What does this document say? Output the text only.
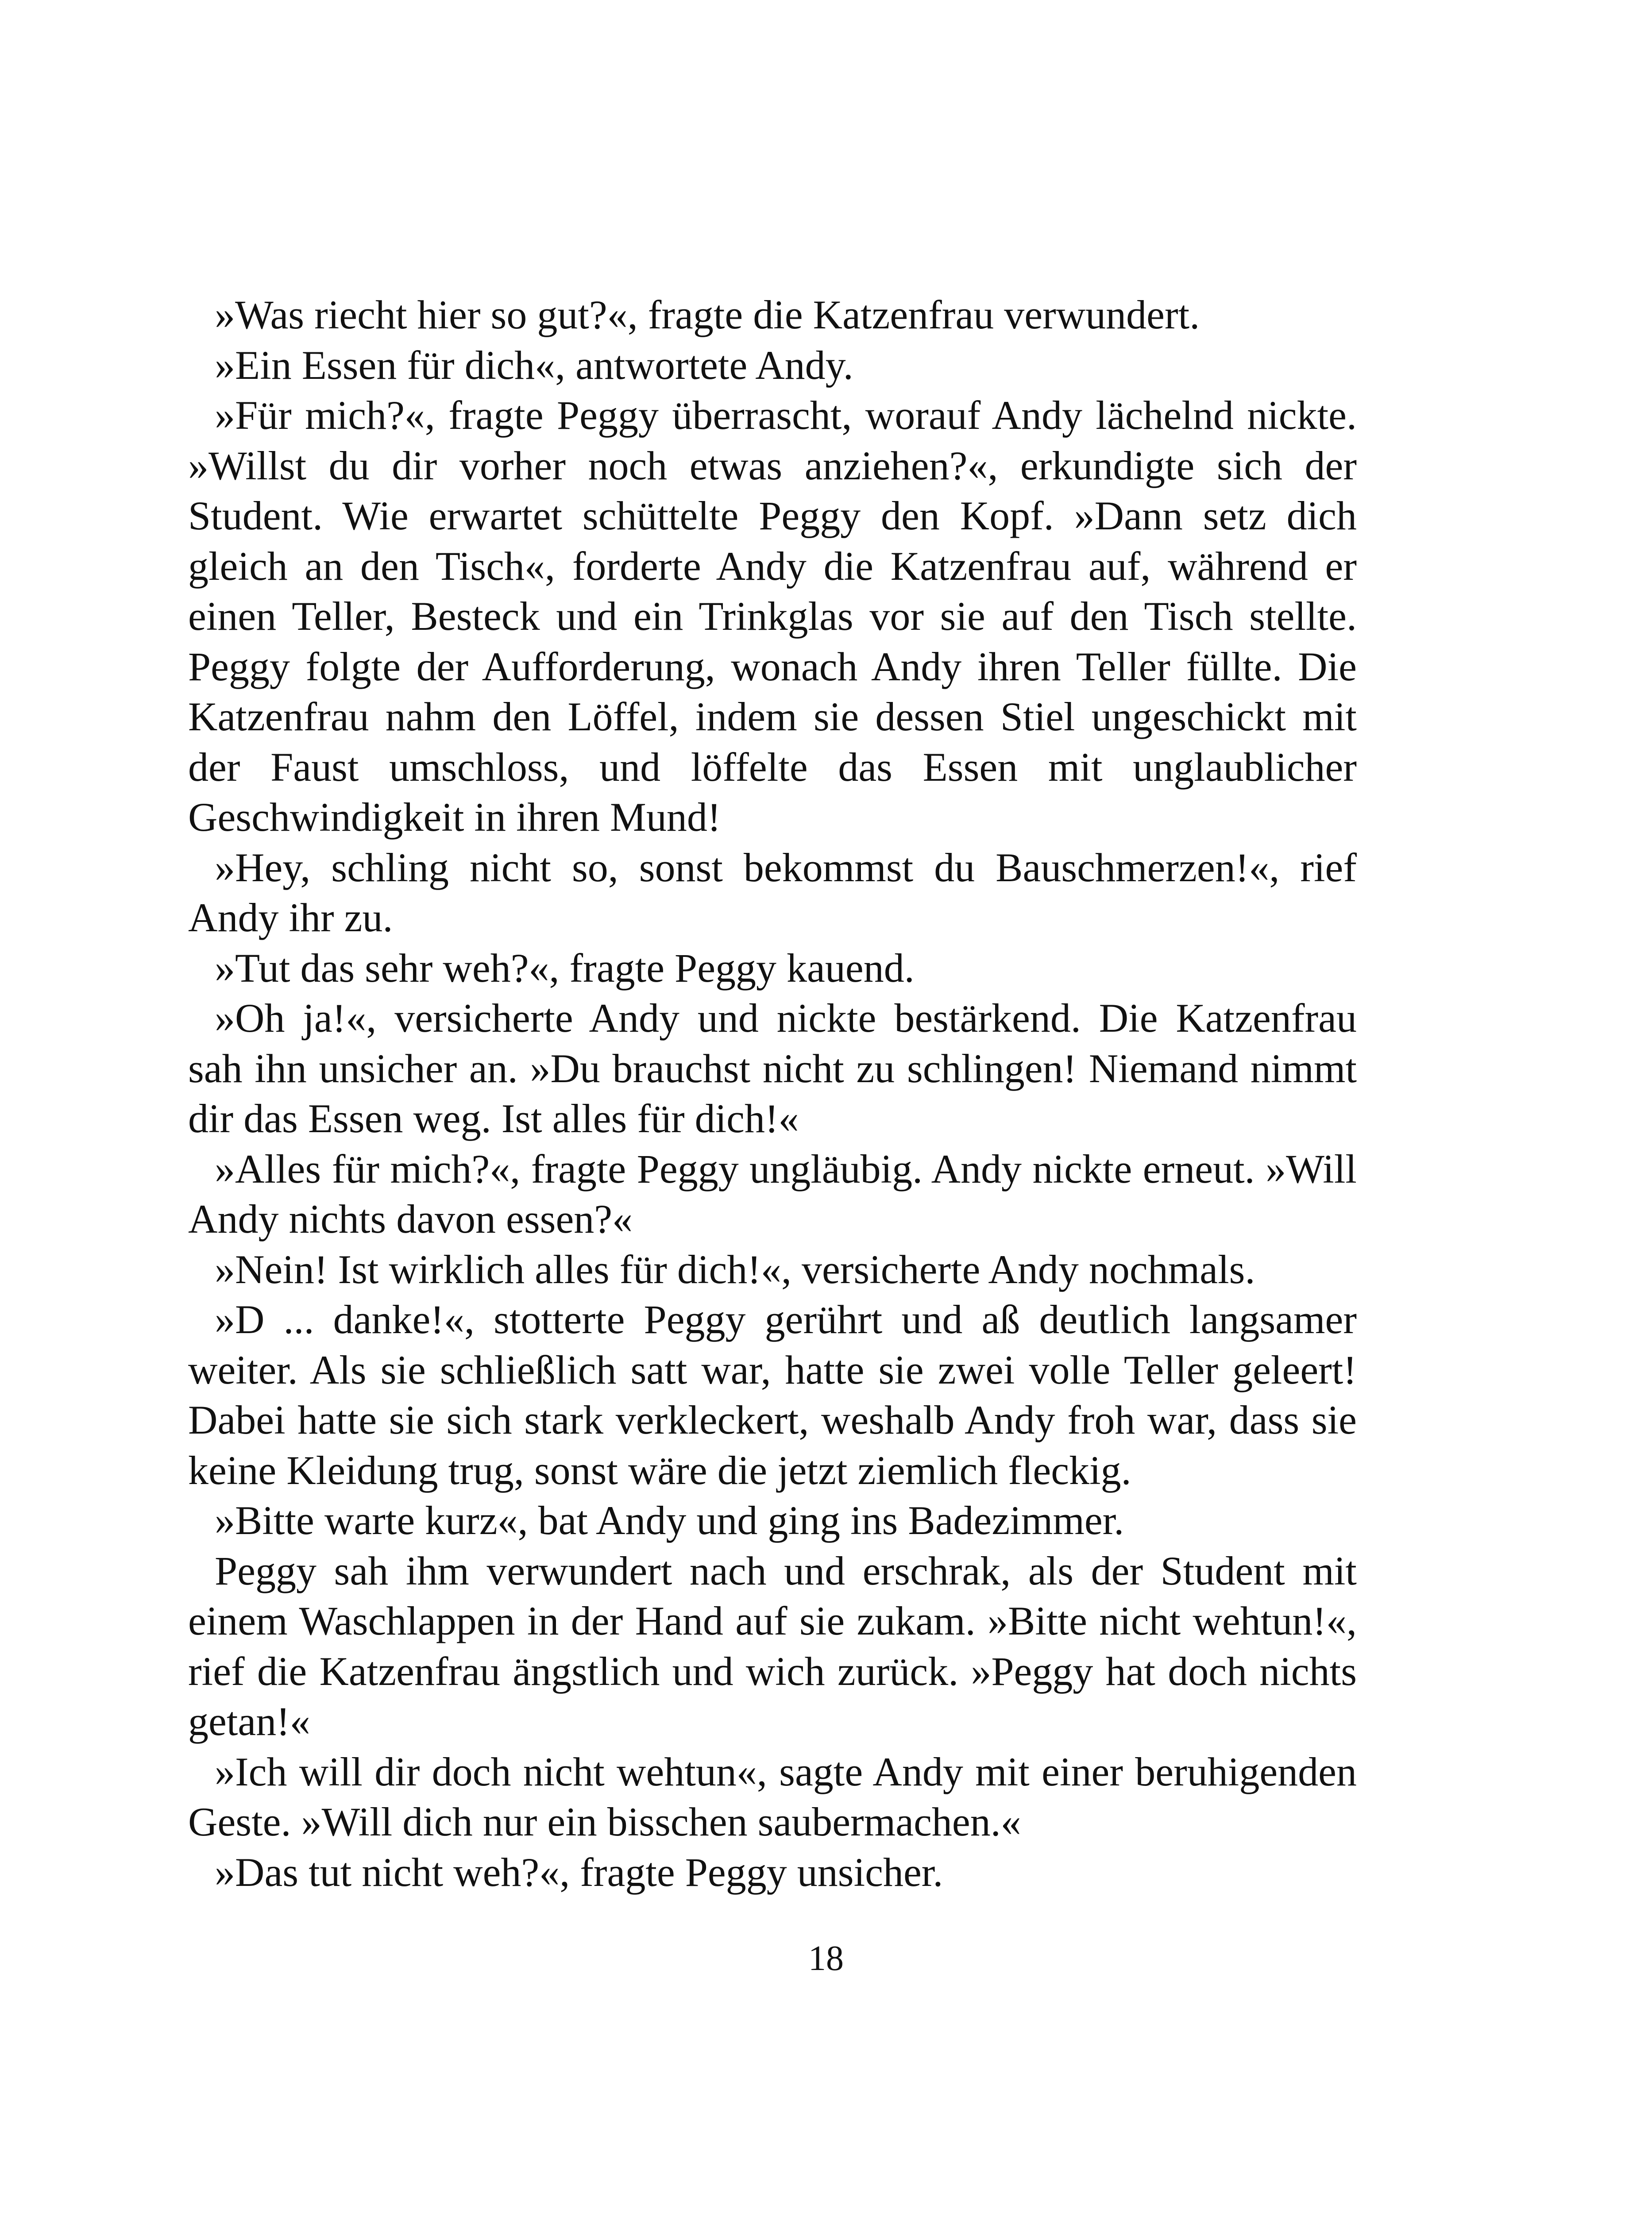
»Was riecht hier so gut?«, fragte die Katzenfrau verwundert.

»Ein Essen für dich«, antwortete Andy.

»Für mich?«, fragte Peggy überrascht, worauf Andy lächelnd nickte. »Willst du dir vorher noch etwas anziehen?«, erkundigte sich der Student. Wie erwartet schüttelte Peggy den Kopf. »Dann setz dich gleich an den Tisch«, forderte Andy die Katzenfrau auf, während er einen Teller, Besteck und ein Trinkglas vor sie auf den Tisch stellte. Peggy folgte der Aufforderung, wonach Andy ihren Teller füllte. Die Katzenfrau nahm den Löffel, indem sie dessen Stiel ungeschickt mit der Faust umschloss, und löffelte das Essen mit unglaublicher Geschwindigkeit in ihren Mund!

»Hey, schling nicht so, sonst bekommst du Bauschmerzen!«, rief Andy ihr zu.

»Tut das sehr weh?«, fragte Peggy kauend.

»Oh ja!«, versicherte Andy und nickte bestärkend. Die Katzenfrau sah ihn unsicher an. »Du brauchst nicht zu schlingen! Niemand nimmt dir das Essen weg. Ist alles für dich!«

»Alles für mich?«, fragte Peggy ungläubig. Andy nickte erneut. »Will Andy nichts davon essen?«

»Nein! Ist wirklich alles für dich!«, versicherte Andy nochmals.

»D ... danke!«, stotterte Peggy gerührt und aß deutlich langsamer weiter. Als sie schließlich satt war, hatte sie zwei volle Teller geleert! Dabei hatte sie sich stark verkleckert, weshalb Andy froh war, dass sie keine Kleidung trug, sonst wäre die jetzt ziemlich fleckig.

»Bitte warte kurz«, bat Andy und ging ins Badezimmer.

Peggy sah ihm verwundert nach und erschrak, als der Student mit einem Waschlappen in der Hand auf sie zukam. »Bitte nicht wehtun!«, rief die Katzenfrau ängstlich und wich zurück. »Peggy hat doch nichts getan!«

»Ich will dir doch nicht wehtun«, sagte Andy mit einer beruhigenden Geste. »Will dich nur ein bisschen saubermachen.«

»Das tut nicht weh?«, fragte Peggy unsicher.

18
